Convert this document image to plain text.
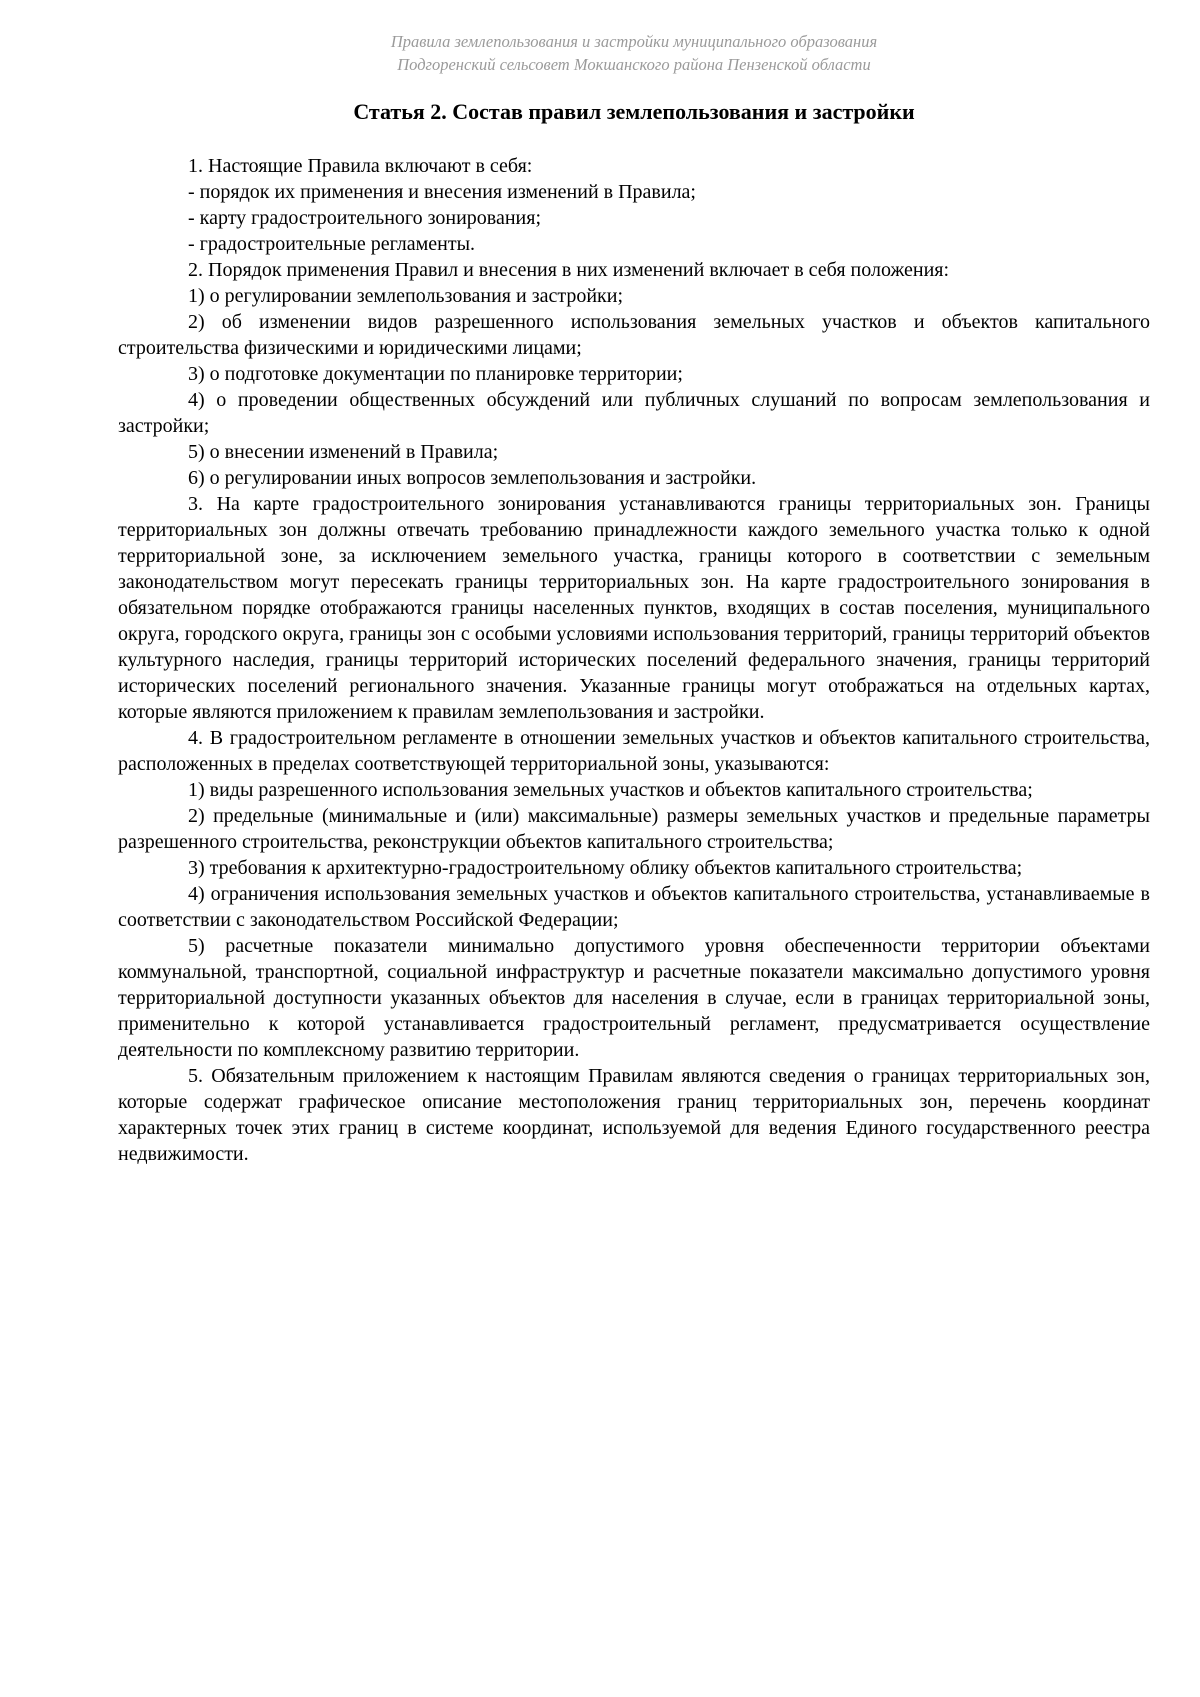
Правила землепользования и застройки муниципального образования
Подгоренский сельсовет Мокшанского района Пензенской области
Статья 2. Состав правил землепользования и застройки

1. Настоящие Правила включают в себя:

- порядок их применения и внесения изменений в Правила;

- карту градостроительного зонирования;

- градостроительные регламенты.

2. Порядок применения Правил и внесения в них изменений включает в себя положения:

1) о регулировании землепользования и застройки;

2) об изменении видов разрешенного использования земельных участков и объектов капитального строительства физическими и юридическими лицами;

3) о подготовке документации по планировке территории;

4) о проведении общественных обсуждений или публичных слушаний по вопросам землепользования и застройки;

5) о внесении изменений в Правила;

6) о регулировании иных вопросов землепользования и застройки.

3. На карте градостроительного зонирования устанавливаются границы территориальных зон. Границы территориальных зон должны отвечать требованию принадлежности каждого земельного участка только к одной территориальной зоне, за исключением земельного участка, границы которого в соответствии с земельным законодательством могут пересекать границы территориальных зон. На карте градостроительного зонирования в обязательном порядке отображаются границы населенных пунктов, входящих в состав поселения, муниципального округа, городского округа, границы зон с особыми условиями использования территорий, границы территорий объектов культурного наследия, границы территорий исторических поселений федерального значения, границы территорий исторических поселений регионального значения. Указанные границы могут отображаться на отдельных картах, которые являются приложением к правилам землепользования и застройки.

4. В градостроительном регламенте в отношении земельных участков и объектов капитального строительства, расположенных в пределах соответствующей территориальной зоны, указываются:

1) виды разрешенного использования земельных участков и объектов капитального строительства;

2) предельные (минимальные и (или) максимальные) размеры земельных участков и предельные параметры разрешенного строительства, реконструкции объектов капитального строительства;

3) требования к архитектурно-градостроительному облику объектов капитального строительства;

4) ограничения использования земельных участков и объектов капитального строительства, устанавливаемые в соответствии с законодательством Российской Федерации;

5) расчетные показатели минимально допустимого уровня обеспеченности территории объектами коммунальной, транспортной, социальной инфраструктур и расчетные показатели максимально допустимого уровня территориальной доступности указанных объектов для населения в случае, если в границах территориальной зоны, применительно к которой устанавливается градостроительный регламент, предусматривается осуществление деятельности по комплексному развитию территории.

5. Обязательным приложением к настоящим Правилам являются сведения о границах территориальных зон, которые содержат графическое описание местоположения границ территориальных зон, перечень координат характерных точек этих границ в системе координат, используемой для ведения Единого государственного реестра недвижимости.
